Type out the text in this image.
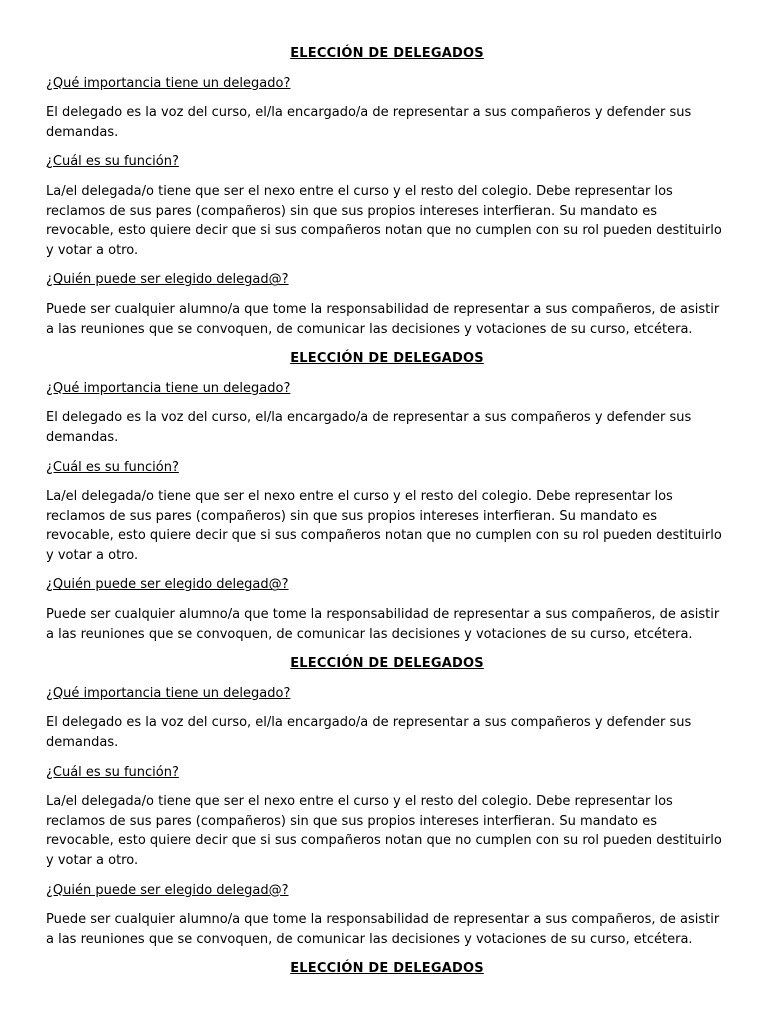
ELECCIÓN DE DELEGADOS
¿Qué importancia tiene un delegado?
El delegado es la voz del curso, el/la encargado/a de representar a sus compañeros y defender sus demandas.
¿Cuál es su función?
La/el delegada/o tiene que ser el nexo entre el curso y el resto del colegio. Debe representar los reclamos de sus pares (compañeros) sin que sus propios intereses interfieran. Su mandato es revocable, esto quiere decir que si sus compañeros notan que no cumplen con su rol pueden destituirlo y votar a otro.
¿Quién puede ser elegido delegad@?
Puede ser cualquier alumno/a que tome la responsabilidad de representar a sus compañeros, de asistir a las reuniones que se convoquen, de comunicar las decisiones y votaciones de su curso, etcétera.
ELECCIÓN DE DELEGADOS
¿Qué importancia tiene un delegado?
El delegado es la voz del curso, el/la encargado/a de representar a sus compañeros y defender sus demandas.
¿Cuál es su función?
La/el delegada/o tiene que ser el nexo entre el curso y el resto del colegio. Debe representar los reclamos de sus pares (compañeros) sin que sus propios intereses interfieran. Su mandato es revocable, esto quiere decir que si sus compañeros notan que no cumplen con su rol pueden destituirlo y votar a otro.
¿Quién puede ser elegido delegad@?
Puede ser cualquier alumno/a que tome la responsabilidad de representar a sus compañeros, de asistir a las reuniones que se convoquen, de comunicar las decisiones y votaciones de su curso, etcétera.
ELECCIÓN DE DELEGADOS
¿Qué importancia tiene un delegado?
El delegado es la voz del curso, el/la encargado/a de representar a sus compañeros y defender sus demandas.
¿Cuál es su función?
La/el delegada/o tiene que ser el nexo entre el curso y el resto del colegio. Debe representar los reclamos de sus pares (compañeros) sin que sus propios intereses interfieran. Su mandato es revocable, esto quiere decir que si sus compañeros notan que no cumplen con su rol pueden destituirlo y votar a otro.
¿Quién puede ser elegido delegad@?
Puede ser cualquier alumno/a que tome la responsabilidad de representar a sus compañeros, de asistir a las reuniones que se convoquen, de comunicar las decisiones y votaciones de su curso, etcétera.
ELECCIÓN DE DELEGADOS
